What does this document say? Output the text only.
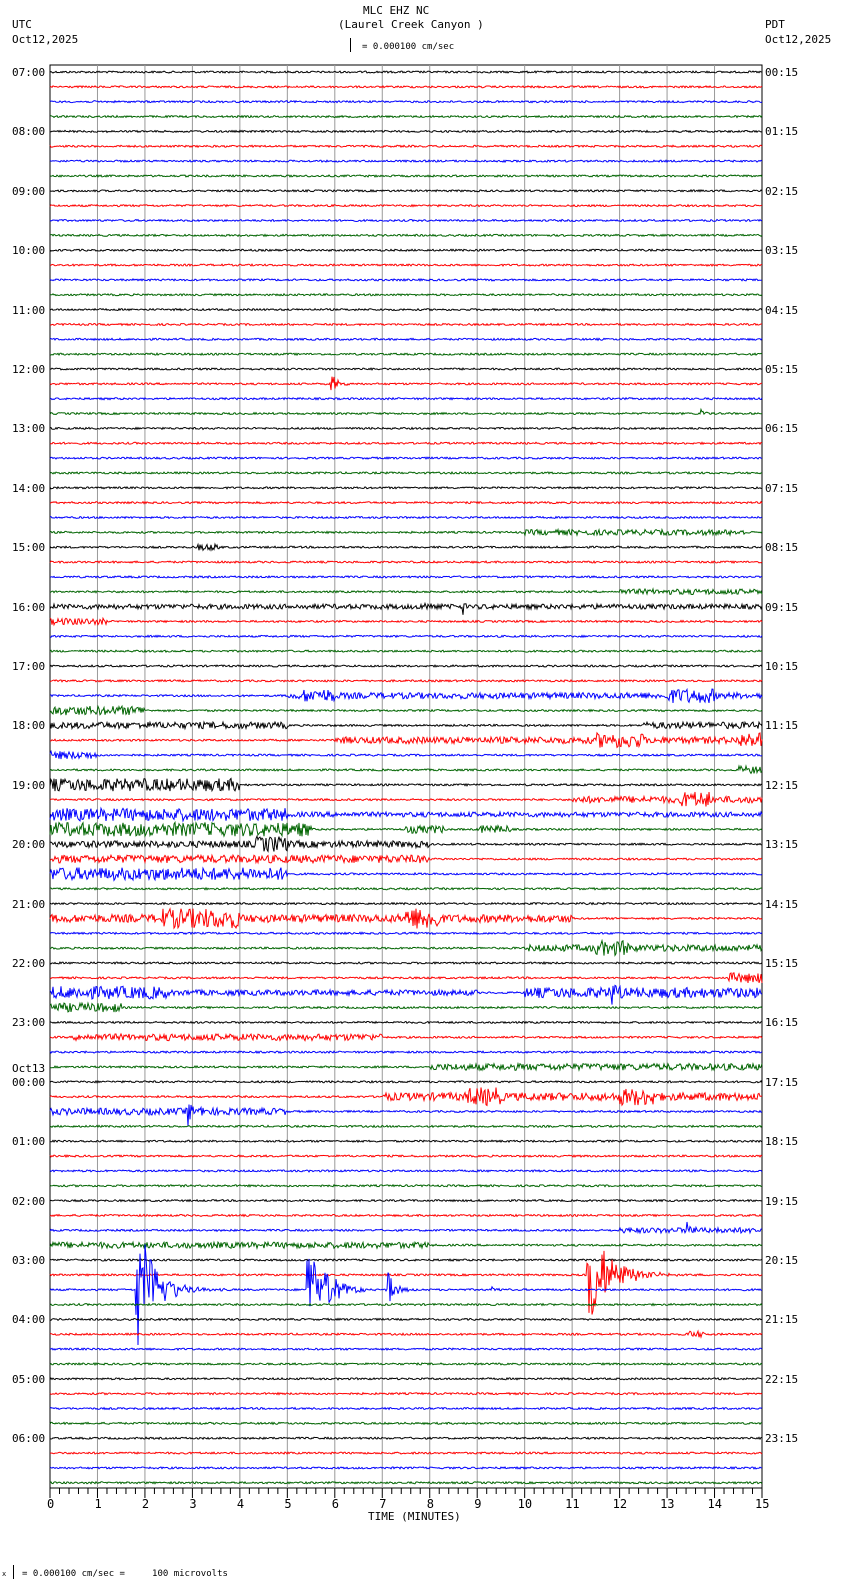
MLC EHZ NC
(Laurel Creek Canyon )
UTC
Oct12,2025
PDT
Oct12,2025
= 0.000100 cm/sec
TIME (MINUTES)
x = 0.000100 cm/sec =     100 microvolts
0	1	2	3	4	5	6	7	8	9	10	11	12	13	14	15
07:00
08:00
09:00
10:00
11:00
12:00
13:00
14:00
15:00
16:00
17:00
18:00
19:00
20:00
21:00
22:00
23:00
00:00
01:00
02:00
03:00
04:00
05:00
06:00
00:15
01:15
02:15
03:15
04:15
05:15
06:15
07:15
08:15
09:15
10:15
11:15
12:15
13:15
14:15
15:15
16:15
17:15
18:15
19:15
20:15
21:15
22:15
23:15
Oct13
